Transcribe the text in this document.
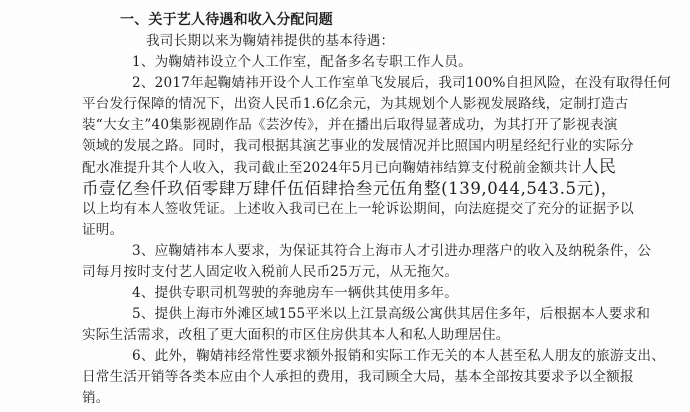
一、关于艺人待遇和收入分配问题
我司长期以来为鞠婧祎提供的基本待遇：
1、为鞠婧祎设立个人工作室，配备多名专职工作人员。
2、2017年起鞠婧祎开设个人工作室单飞发展后，我司100%自担风险，在没有取得任何
平台发行保障的情况下，出资人民币1.6亿余元，为其规划个人影视发展路线，定制打造古
装“大女主”40集影视剧作品《芸汐传》，并在播出后取得显著成功，为其打开了影视表演
领域的发展之路。同时，我司根据其演艺事业的发展情况并比照国内明星经纪行业的实际分
配水准提升其个人收入，我司截止至2024年5月已向鞠婧祎结算支付税前金额共计人民
币壹亿叁仟玖佰零肆万肆仟伍佰肆拾叁元伍角整(139,044,543.5元)，
以上均有本人签收凭证。上述收入我司已在上一轮诉讼期间，向法庭提交了充分的证据予以
证明。
3、应鞠婧祎本人要求，为保证其符合上海市人才引进办理落户的收入及纳税条件，公
司每月按时支付艺人固定收入税前人民币25万元，从无拖欠。
4、提供专职司机驾驶的奔驰房车一辆供其使用多年。
5、提供上海市外滩区域155平米以上江景高级公寓供其居住多年，后根据本人要求和
实际生活需求，改租了更大面积的市区住房供其本人和私人助理居住。
6、此外，鞠婧祎经常性要求额外报销和实际工作无关的本人甚至私人朋友的旅游支出、
日常生活开销等各类本应由个人承担的费用，我司顾全大局，基本全部按其要求予以全额报
销。
